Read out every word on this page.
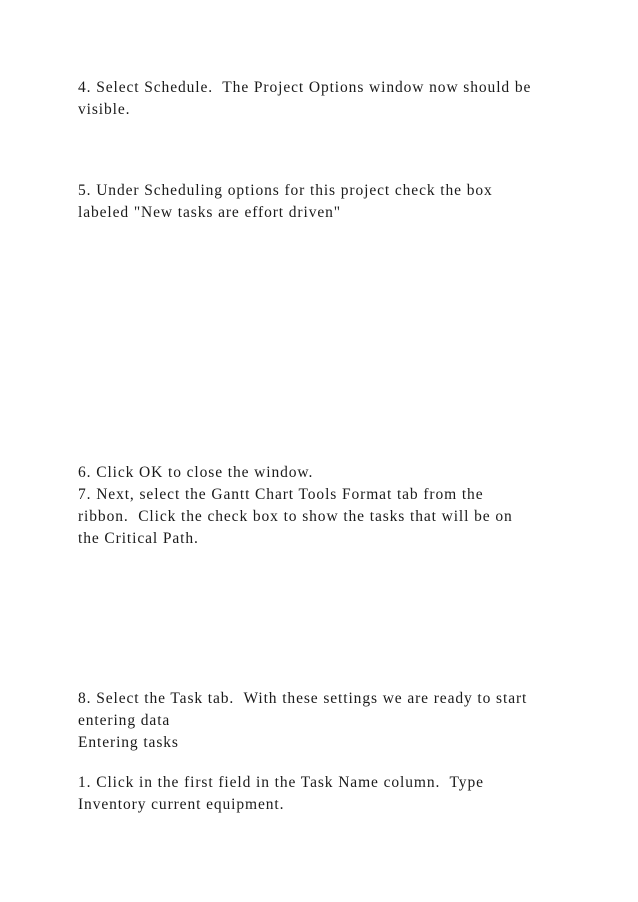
4. Select Schedule.  The Project Options window now should be

visible.

5. Under Scheduling options for this project check the box

labeled "New tasks are effort driven"

6. Click OK to close the window.

7. Next, select the Gantt Chart Tools Format tab from the

ribbon.  Click the check box to show the tasks that will be on

the Critical Path.

8. Select the Task tab.  With these settings we are ready to start

entering data

Entering tasks

1. Click in the first field in the Task Name column.  Type

Inventory current equipment.
